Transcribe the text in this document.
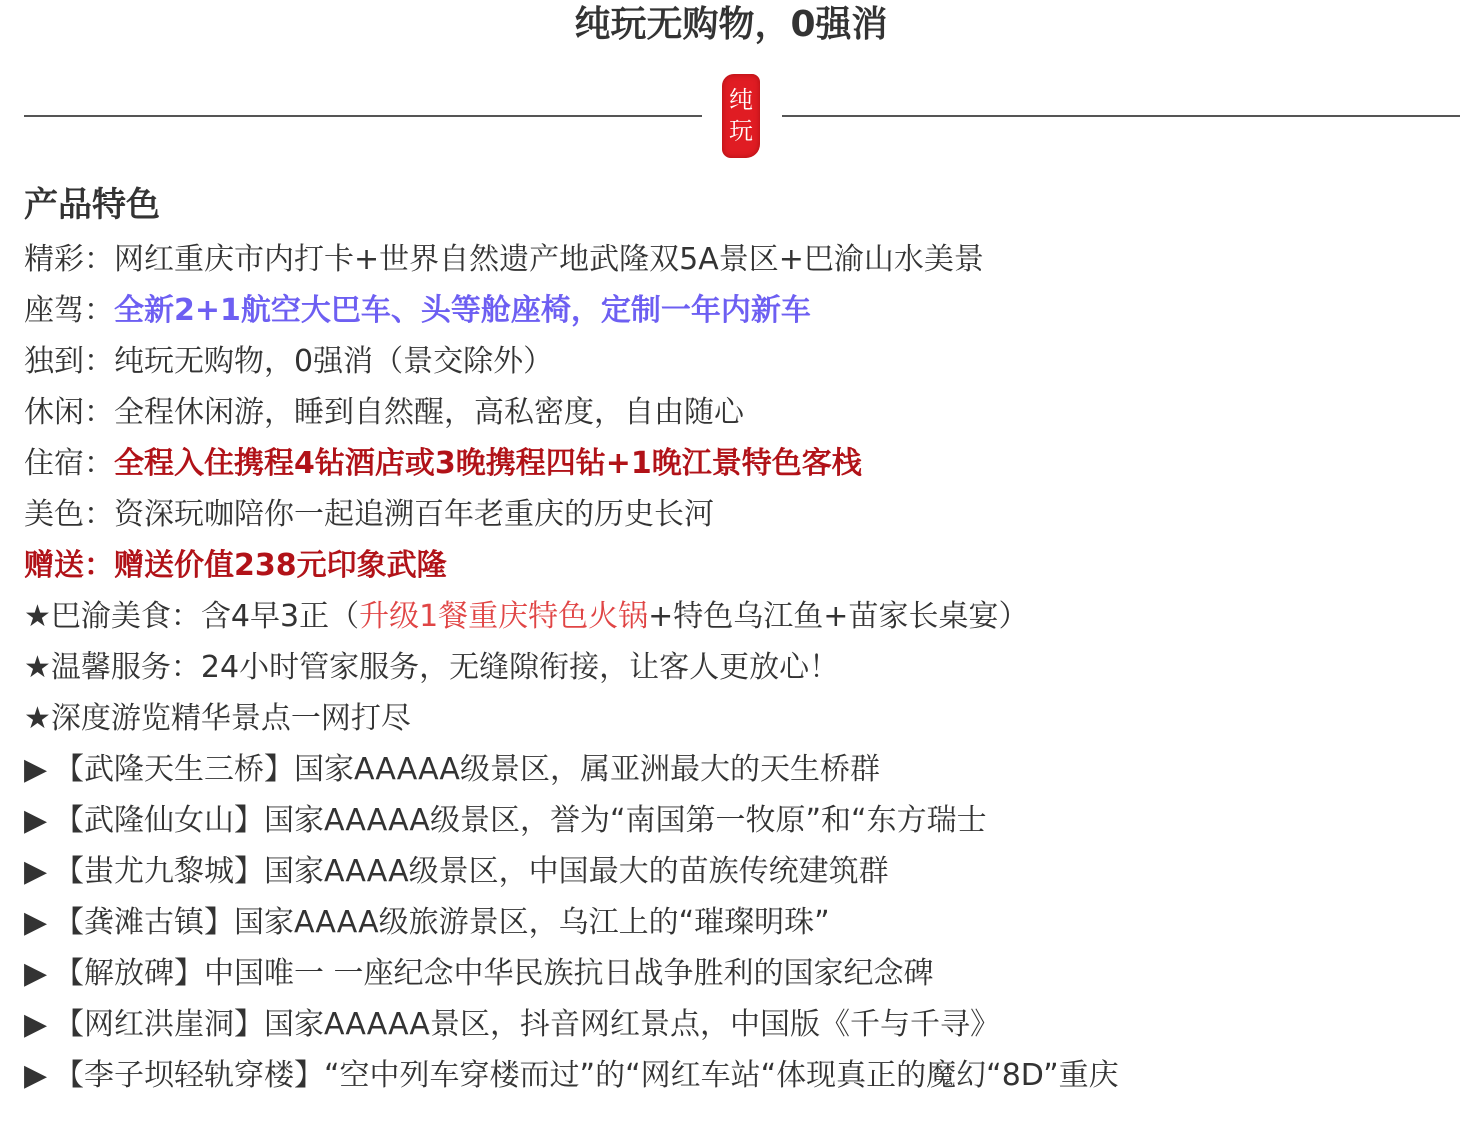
纯玩无购物，0强消
纯
玩
产品特色
精彩：网红重庆市内打卡+世界自然遗产地武隆双5A景区+巴渝山水美景
座驾：全新2+1航空大巴车、头等舱座椅，定制一年内新车
独到：纯玩无购物，0强消（景交除外）
休闲：全程休闲游，睡到自然醒，高私密度，自由随心
住宿：全程入住携程4钻酒店或3晚携程四钻+1晚江景特色客栈
美色：资深玩咖陪你一起追溯百年老重庆的历史长河
赠送：赠送价值238元印象武隆
★巴渝美食：含4早3正（升级1餐重庆特色火锅+特色乌江鱼+苗家长桌宴）
★温馨服务：24小时管家服务，无缝隙衔接，让客人更放心！
★深度游览精华景点一网打尽
▶ 【武隆天生三桥】国家AAAAA级景区，属亚洲最大的天生桥群
▶ 【武隆仙女山】国家AAAAA级景区，誉为“南国第一牧原”和“东方瑞士
▶ 【蚩尤九黎城】国家AAAA级景区，中国最大的苗族传统建筑群
▶ 【龚滩古镇】国家AAAA级旅游景区，乌江上的“璀璨明珠”
▶ 【解放碑】中国唯一 一座纪念中华民族抗日战争胜利的国家纪念碑
▶ 【网红洪崖洞】国家AAAAA景区，抖音网红景点，中国版《千与千寻》
▶ 【李子坝轻轨穿楼】“空中列车穿楼而过”的“网红车站“体现真正的魔幻“8D”重庆
